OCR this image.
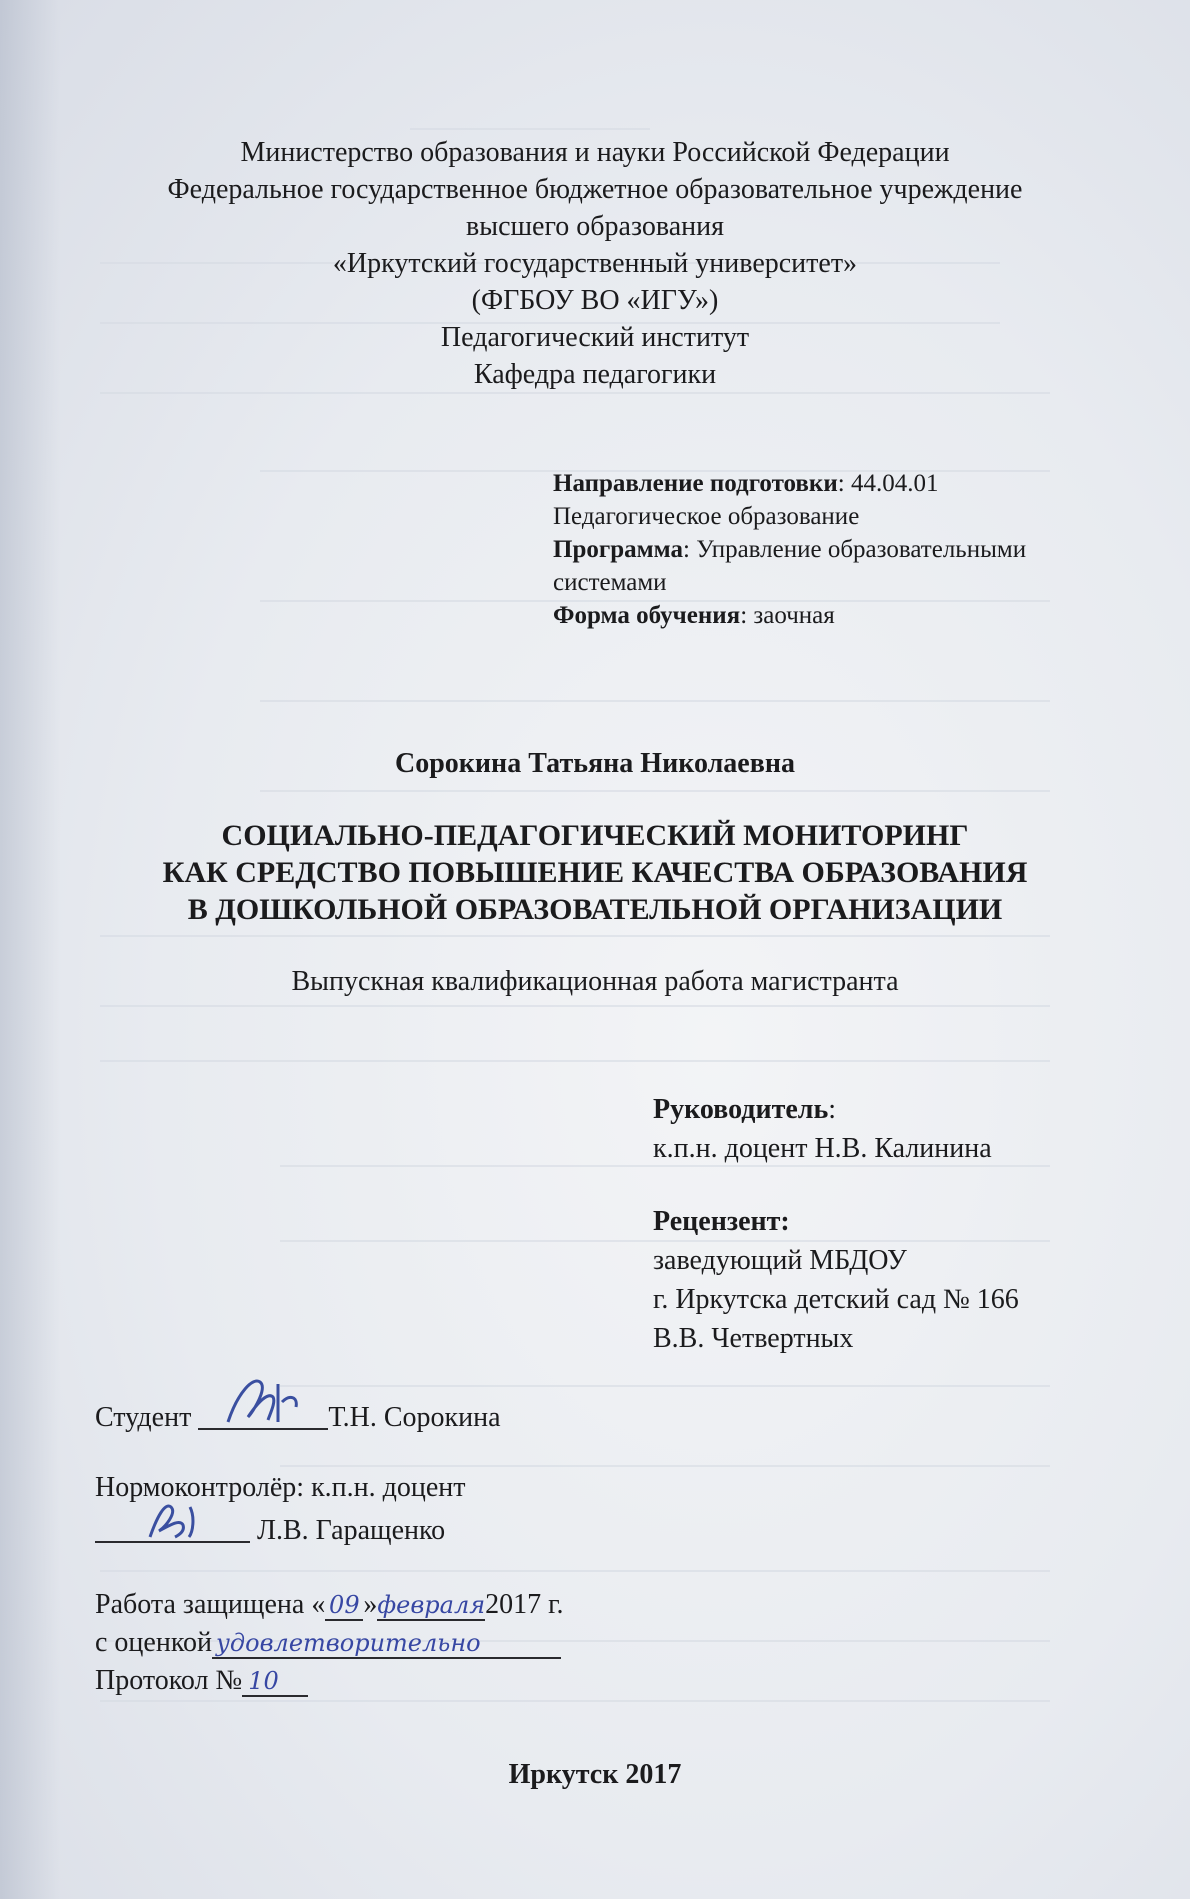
Министерство образования и науки Российской Федерации
Федеральное государственное бюджетное образовательное учреждение
высшего образования
«Иркутский государственный университет»
(ФГБОУ ВО «ИГУ»)
Педагогический институт
Кафедра педагогики
Направление подготовки: 44.04.01
Педагогическое образование
Программа: Управление образовательными
системами
Форма обучения: заочная
Сорокина Татьяна Николаевна
СОЦИАЛЬНО-ПЕДАГОГИЧЕСКИЙ МОНИТОРИНГ
КАК СРЕДСТВО ПОВЫШЕНИЕ КАЧЕСТВА ОБРАЗОВАНИЯ
В ДОШКОЛЬНОЙ ОБРАЗОВАТЕЛЬНОЙ ОРГАНИЗАЦИИ
Выпускная квалификационная работа магистранта
Руководитель:
к.п.н. доцент Н.В. Калинина
Рецензент:
заведующий МБДОУ
г. Иркутска детский сад № 166
В.В. Четвертных
Студент	Т.Н. Сорокина
Нормоконтролёр: к.п.н. доцент
Л.В. Гаращенко
Работа защищена « 09 »февраля2017 г.
с оценкой удовлетворительно
Протокол № 10
Иркутск 2017
